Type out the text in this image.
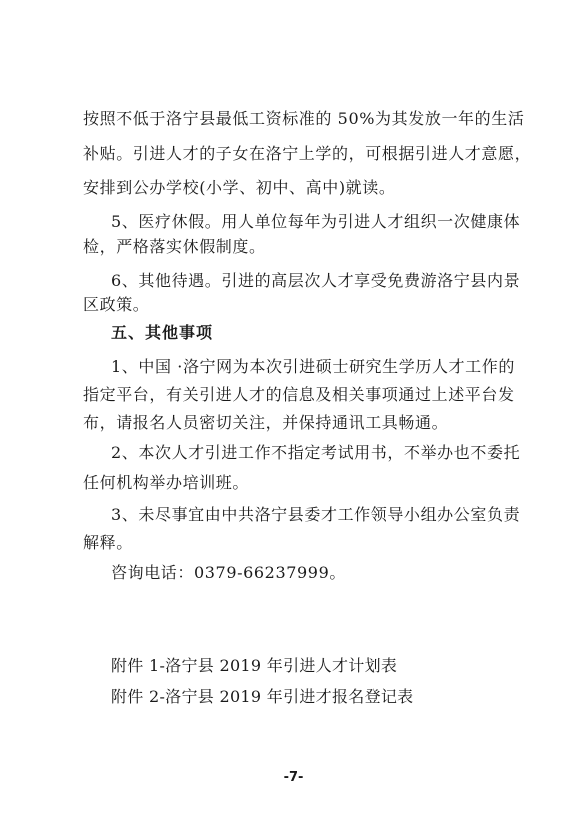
按照不低于洛宁县最低工资标准的 50%为其发放一年的生活
补贴。引进人才的子女在洛宁上学的，可根据引进人才意愿，
安排到公办学校(小学、初中、高中)就读。
5、医疗休假。用人单位每年为引进人才组织一次健康体
检，严格落实休假制度。
6、其他待遇。引进的高层次人才享受免费游洛宁县内景
区政策。
五、其他事项
1、中国 ·洛宁网为本次引进硕士研究生学历人才工作的
指定平台，有关引进人才的信息及相关事项通过上述平台发
布，请报名人员密切关注，并保持通讯工具畅通。
2、本次人才引进工作不指定考试用书，不举办也不委托
任何机构举办培训班。
3、未尽事宜由中共洛宁县委才工作领导小组办公室负责
解释。
咨询电话：0379-66237999。
附件 1-洛宁县 2019 年引进人才计划表
附件 2-洛宁县 2019 年引进才报名登记表
-7-
